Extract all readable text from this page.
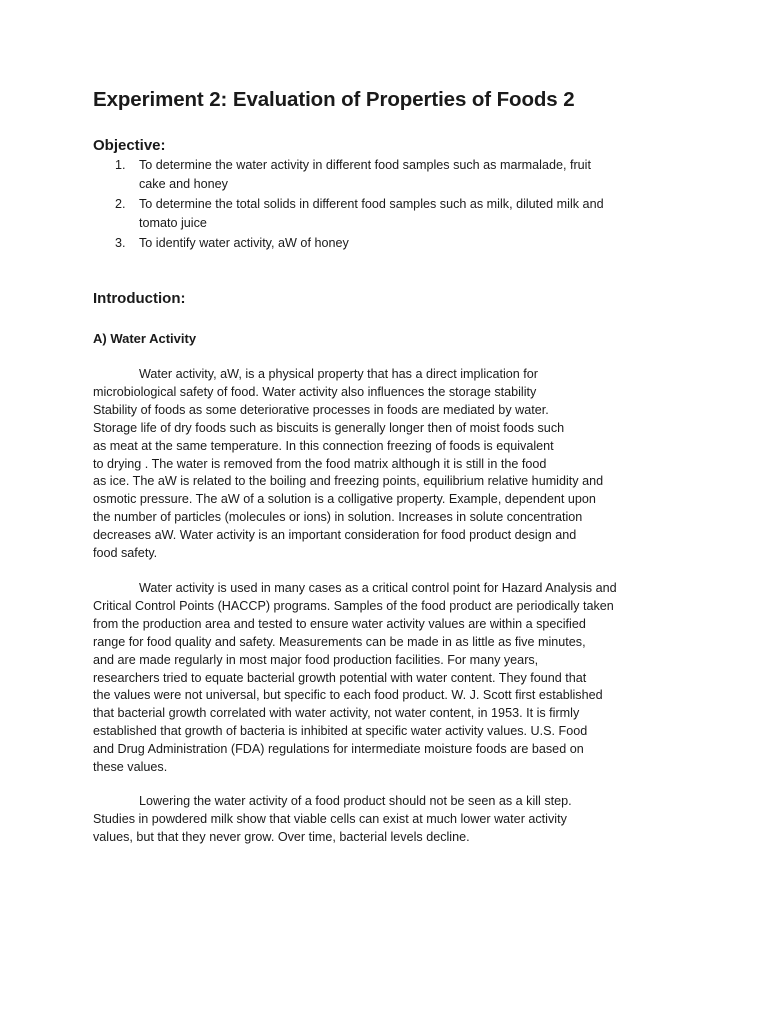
Experiment 2: Evaluation of Properties of Foods 2
Objective:
1. To determine the water activity in different food samples such as marmalade, fruit
cake and honey
2. To determine the total solids in different food samples such as milk, diluted milk and
tomato juice
3. To identify water activity, aW of honey
Introduction:
A) Water Activity
Water activity, aW, is a physical property that has a direct implication for
microbiological safety of food. Water activity also influences the storage stability
Stability of foods as some deteriorative processes in foods are mediated by water.
Storage life of dry foods such as biscuits is generally longer then of moist foods such
as meat at the same temperature. In this connection freezing of foods is equivalent
to drying . The water is removed from the food matrix although it is still in the food
as ice. The aW is related to the boiling and freezing points, equilibrium relative humidity and
osmotic pressure. The aW of a solution is a colligative property. Example, dependent upon
the number of particles (molecules or ions) in solution. Increases in solute concentration
decreases aW. Water activity is an important consideration for food product design and
food safety.
Water activity is used in many cases as a critical control point for Hazard Analysis and
Critical Control Points (HACCP) programs. Samples of the food product are periodically taken
from the production area and tested to ensure water activity values are within a specified
range for food quality and safety. Measurements can be made in as little as five minutes,
and are made regularly in most major food production facilities. For many years,
researchers tried to equate bacterial growth potential with water content. They found that
the values were not universal, but specific to each food product. W. J. Scott first established
that bacterial growth correlated with water activity, not water content, in 1953. It is firmly
established that growth of bacteria is inhibited at specific water activity values. U.S. Food
and Drug Administration (FDA) regulations for intermediate moisture foods are based on
these values.
Lowering the water activity of a food product should not be seen as a kill step.
Studies in powdered milk show that viable cells can exist at much lower water activity
values, but that they never grow. Over time, bacterial levels decline.
